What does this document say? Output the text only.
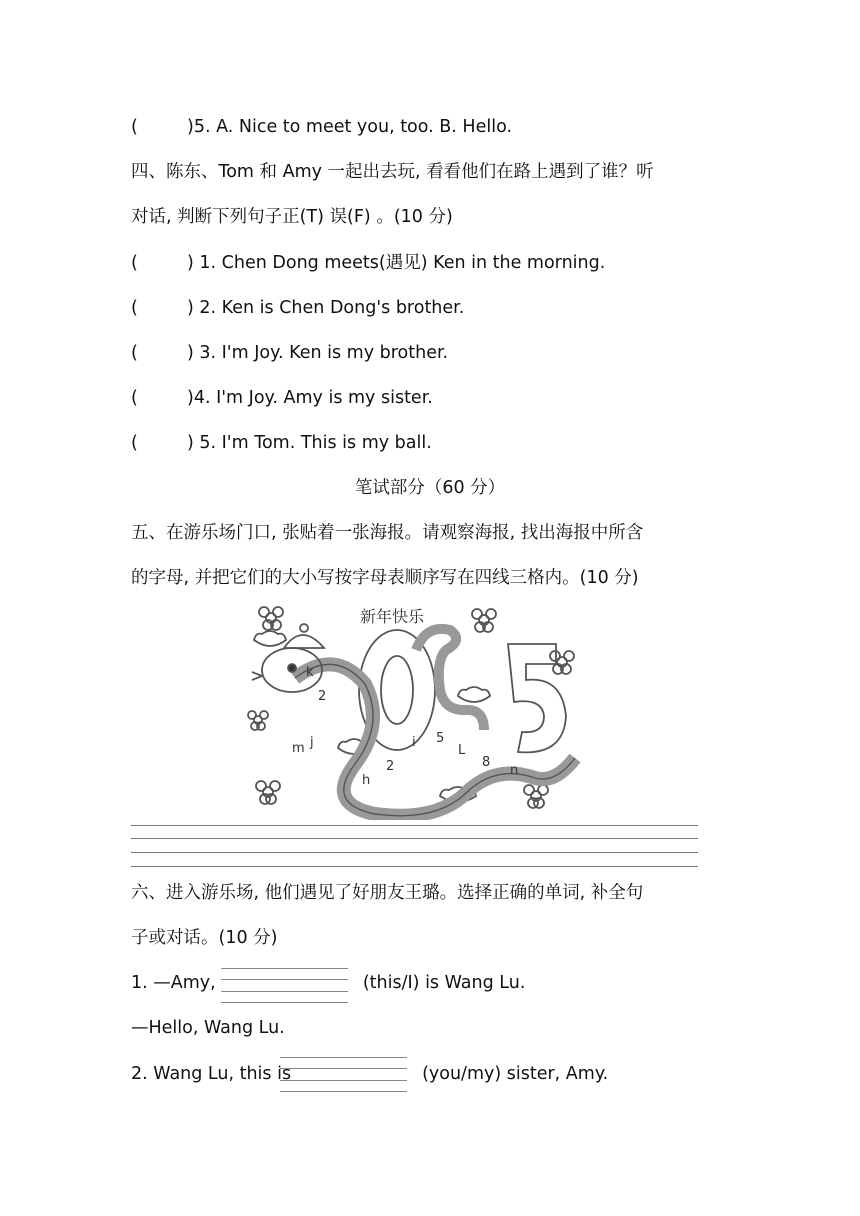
(	)5. A. Nice to meet you, too. B. Hello.
四、陈东、Tom 和 Amy 一起出去玩, 看看他们在路上遇到了谁？听
对话, 判断下列句子正(T) 误(F) 。(10 分)
(	) 1. Chen Dong meets(遇见) Ken in the morning.
(	) 2. Ken is Chen Dong's brother.
(	) 3. I'm Joy. Ken is my brother.
(	)4. I'm Joy. Amy is my sister.
(	) 5. I'm Tom. This is my ball.
笔试部分（60 分）
五、在游乐场门口, 张贴着一张海报。请观察海报, 找出海报中所含
的字母, 并把它们的大小写按字母表顺序写在四线三格内。(10 分)
新年快乐
k
2
m j
h
2
i 5
L
8
n
六、进入游乐场, 他们遇见了好朋友王璐。选择正确的单词, 补全句
子或对话。(10 分)
1. —Amy,	(this/I) is Wang Lu.
—Hello, Wang Lu.
2. Wang Lu, this is	(you/my) sister, Amy.
